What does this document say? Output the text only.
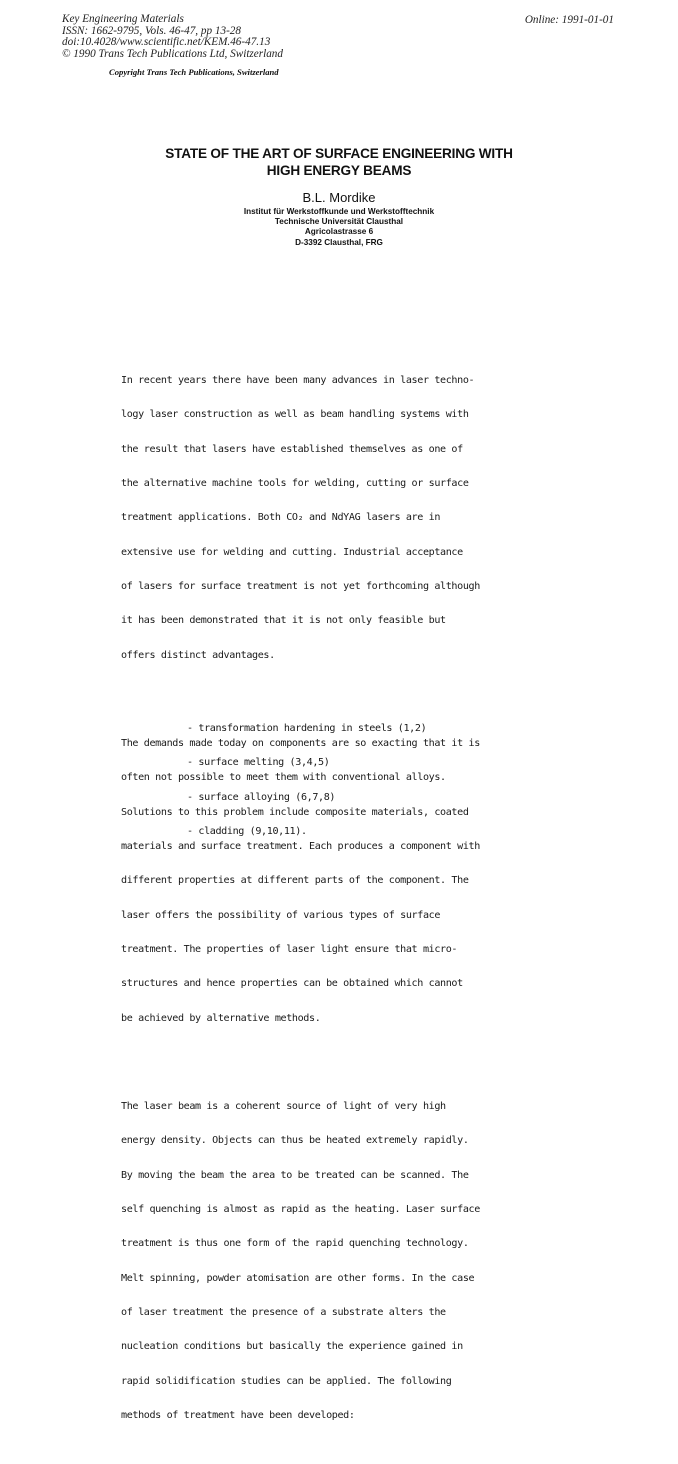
Key Engineering Materials
ISSN: 1662-9795, Vols. 46-47, pp 13-28
doi:10.4028/www.scientific.net/KEM.46-47.13
© 1990 Trans Tech Publications Ltd, Switzerland
Online: 1991-01-01
Copyright Trans Tech Publications, Switzerland
STATE OF THE ART OF SURFACE ENGINEERING WITH
HIGH ENERGY BEAMS
B.L. Mordike
Institut für Werkstoffkunde und Werkstofftechnik
Technische Universität Clausthal
Agricolastrasse 6
D-3392 Clausthal, FRG

In recent years there have been many advances in laser techno-

logy laser construction as well as beam handling systems with

the result that lasers have established themselves as one of

the alternative machine tools for welding, cutting or surface

treatment applications. Both CO₂ and NdYAG lasers are in

extensive use for welding and cutting. Industrial acceptance

of lasers for surface treatment is not yet forthcoming although

it has been demonstrated that it is not only feasible but

offers distinct advantages.

The demands made today on components are so exacting that it is

often not possible to meet them with conventional alloys.

Solutions to this problem include composite materials, coated

materials and surface treatment. Each produces a component with

different properties at different parts of the component. The

laser offers the possibility of various types of surface

treatment. The properties of laser light ensure that micro-

structures and hence properties can be obtained which cannot

be achieved by alternative methods.

The laser beam is a coherent source of light of very high

energy density. Objects can thus be heated extremely rapidly.

By moving the beam the area to be treated can be scanned. The

self quenching is almost as rapid as the heating. Laser surface

treatment is thus one form of the rapid quenching technology.

Melt spinning, powder atomisation are other forms. In the case

of laser treatment the presence of a substrate alters the

nucleation conditions but basically the experience gained in

rapid solidification studies can be applied. The following

methods of treatment have been developed:

- transformation hardening in steels (1,2)

- surface melting (3,4,5)

- surface alloying (6,7,8)

- cladding (9,10,11).
